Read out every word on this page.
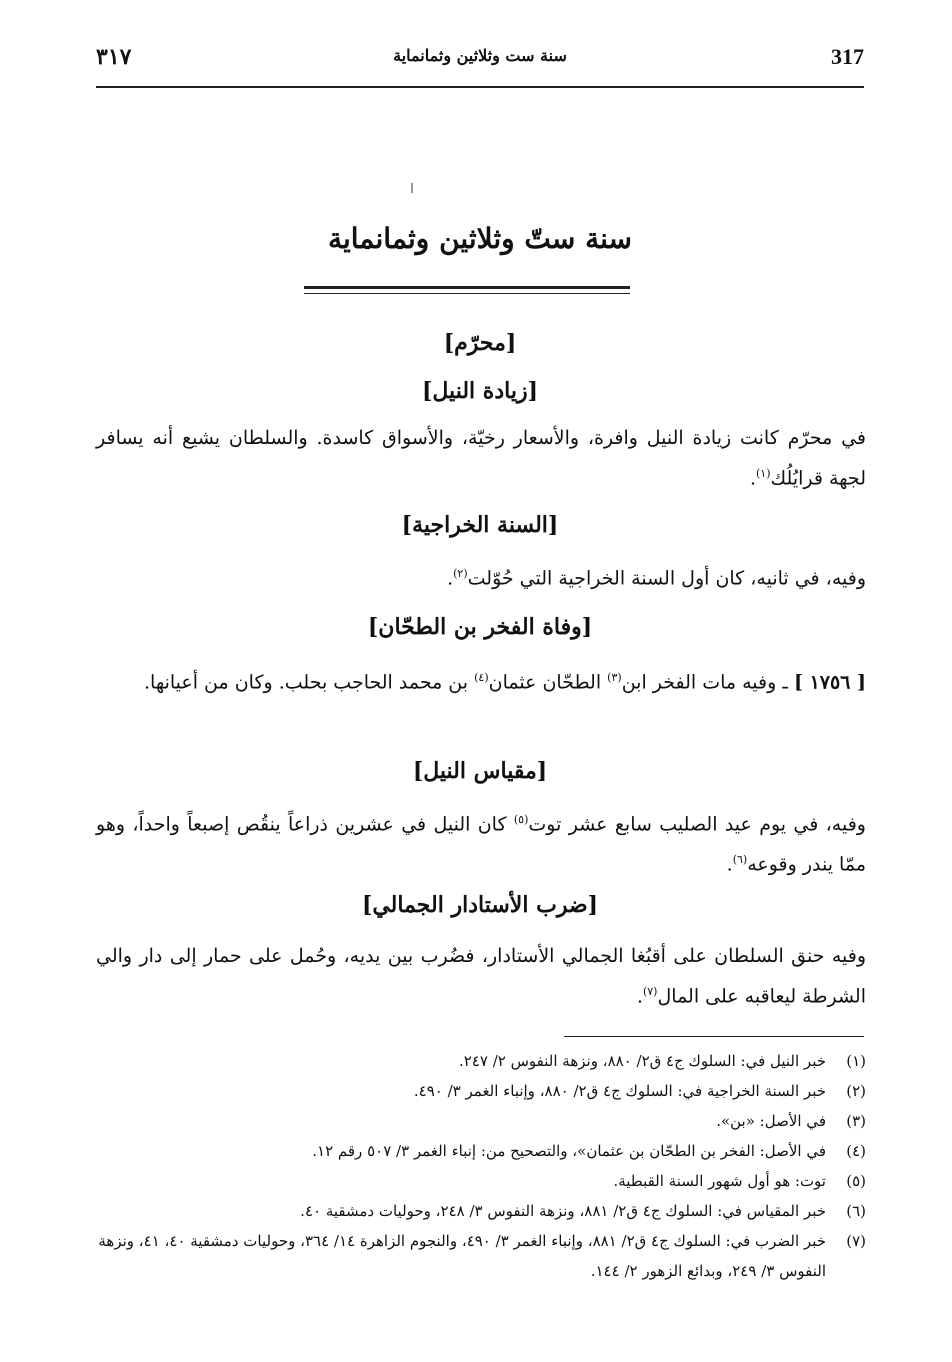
317
سنة ست وثلاثين وثمانماية
٣١٧
سنة ستّ وثلاثين وثمانماية
[محرّم]
[زيادة النيل]

في محرّم كانت زيادة النيل وافرة، والأسعار رخيّة، والأسواق كاسدة. والسلطان يشيع أنه يسافر لجهة قرايُلُك$^{(١)}$.

[السنة الخراجية]

وفيه، في ثانيه، كان أول السنة الخراجية التي حُوّلت$^{(٢)}$.

[وفاة الفخر بن الطحّان]

[ ١٧٥٦ ] ـ وفيه مات الفخر ابن$^{(٣)}$ الطحّان عثمان$^{(٤)}$ بن محمد الحاجب بحلب. وكان من أعيانها.

[مقياس النيل]

وفيه، في يوم عيد الصليب سابع عشر توت$^{(٥)}$ كان النيل في عشرين ذراعاً ينقُص إصبعاً واحداً، وهو ممّا يندر وقوعه$^{(٦)}$.

[ضرب الأستادار الجمالي]

وفيه حنق السلطان على أقبُغا الجمالي الأستادار، فضُرب بين يديه، وحُمل على حمار إلى دار والي الشرطة ليعاقبه على المال$^{(٧)}$.

(١)
خبر النيل في: السلوك ج٤ ق٢/ ٨٨٠، ونزهة النفوس ٢/ ٢٤٧.
(٢)
خبر السنة الخراجية في: السلوك ج٤ ق٢/ ٨٨٠، وإنباء الغمر ٣/ ٤٩٠.
(٣)
في الأصل: «بن».
(٤)
في الأصل: الفخر بن الطحّان بن عثمان»، والتصحيح من: إنباء الغمر ٣/ ٥٠٧ رقم ١٢.
(٥)
توت: هو أول شهور السنة القبطية.
(٦)
خبر المقياس في: السلوك ج٤ ق٢/ ٨٨١، ونزهة النفوس ٣/ ٢٤٨، وحوليات دمشقية ٤٠.
(٧)
خبر الضرب في: السلوك ج٤ ق٢/ ٨٨١، وإنباء الغمر ٣/ ٤٩٠، والنجوم الزاهرة ١٤/ ٣٦٤، وحوليات دمشقية ٤٠، ٤١، ونزهة النفوس ٣/ ٢٤٩، وبدائع الزهور ٢/ ١٤٤.
